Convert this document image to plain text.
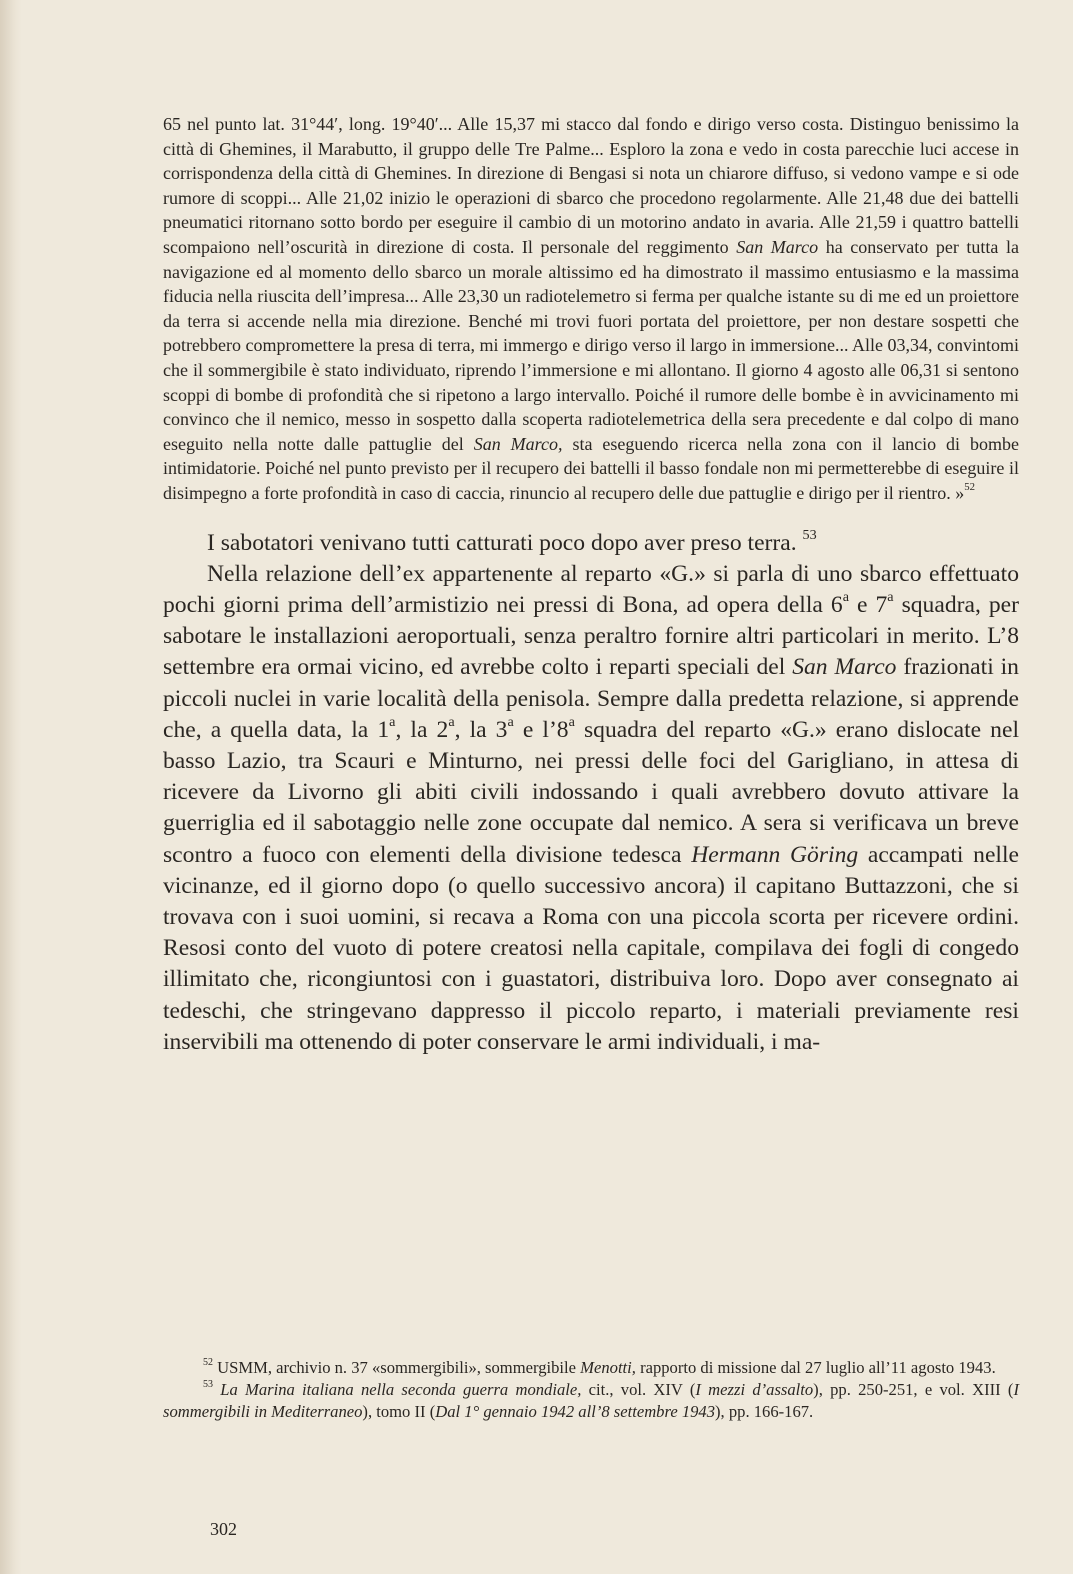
65 nel punto lat. 31°44′, long. 19°40′... Alle 15,37 mi stacco dal fondo e dirigo verso costa. Distinguo benissimo la città di Ghemines, il Marabutto, il gruppo delle Tre Palme... Esploro la zona e vedo in costa parecchie luci accese in corrispondenza della città di Ghemines. In direzione di Bengasi si nota un chiarore diffuso, si vedono vampe e si ode rumore di scoppi... Alle 21,02 inizio le operazioni di sbarco che procedono regolarmente. Alle 21,48 due dei battelli pneumatici ritornano sotto bordo per eseguire il cambio di un motorino andato in avaria. Alle 21,59 i quattro battelli scompaiono nell’oscurità in direzione di costa. Il personale del reggimento San Marco ha conservato per tutta la navigazione ed al momento dello sbarco un morale altissimo ed ha dimostrato il massimo entusiasmo e la massima fiducia nella riuscita dell’impresa... Alle 23,30 un radiotelemetro si ferma per qualche istante su di me ed un proiettore da terra si accende nella mia direzione. Benché mi trovi fuori portata del proiettore, per non destare sospetti che potrebbero compromettere la presa di terra, mi immergo e dirigo verso il largo in immersione... Alle 03,34, convintomi che il sommergibile è stato individuato, riprendo l’immersione e mi allontano. Il giorno 4 agosto alle 06,31 si sentono scoppi di bombe di profondità che si ripetono a largo intervallo. Poiché il rumore delle bombe è in avvicinamento mi convinco che il nemico, messo in sospetto dalla scoperta radiotelemetrica della sera precedente e dal colpo di mano eseguito nella notte dalle pattuglie del San Marco, sta eseguendo ricerca nella zona con il lancio di bombe intimidatorie. Poiché nel punto previsto per il recupero dei battelli il basso fondale non mi permetterebbe di eseguire il disimpegno a forte profondità in caso di caccia, rinuncio al recupero delle due pattuglie e dirigo per il rientro. »$^{52}$

I sabotatori venivano tutti catturati poco dopo aver preso terra. $^{53}$

Nella relazione dell’ex appartenente al reparto «G.» si parla di uno sbarco effettuato pochi giorni prima dell’armistizio nei pressi di Bona, ad opera della 6$^a$ e 7$^a$ squadra, per sabotare le installazioni aeroportuali, senza peraltro fornire altri particolari in merito. L’8 settembre era ormai vicino, ed avrebbe colto i reparti speciali del San Marco frazionati in piccoli nuclei in varie località della penisola. Sempre dalla predetta relazione, si apprende che, a quella data, la 1$^a$, la 2$^a$, la 3$^a$ e l’8$^a$ squadra del reparto «G.» erano dislocate nel basso Lazio, tra Scauri e Minturno, nei pressi delle foci del Garigliano, in attesa di ricevere da Livorno gli abiti civili indossando i quali avrebbero dovuto attivare la guerriglia ed il sabotaggio nelle zone occupate dal nemico. A sera si verificava un breve scontro a fuoco con elementi della divisione tedesca Hermann Göring accampati nelle vicinanze, ed il giorno dopo (o quello successivo ancora) il capitano Buttazzoni, che si trovava con i suoi uomini, si recava a Roma con una piccola scorta per ricevere ordini. Resosi conto del vuoto di potere creatosi nella capitale, compilava dei fogli di congedo illimitato che, ricongiuntosi con i guastatori, distribuiva loro. Dopo aver consegnato ai tedeschi, che stringevano dappresso il piccolo reparto, i materiali previamente resi inservibili ma ottenendo di poter conservare le armi individuali, i ma-

$^{52}$ USMM, archivio n. 37 «sommergibili», sommergibile Menotti, rapporto di missione dal 27 luglio all’11 agosto 1943.

$^{53}$ La Marina italiana nella seconda guerra mondiale, cit., vol. XIV (I mezzi d’assalto), pp. 250-251, e vol. XIII (I sommergibili in Mediterraneo), tomo II (Dal 1° gennaio 1942 all’8 settembre 1943), pp. 166-167.

302
